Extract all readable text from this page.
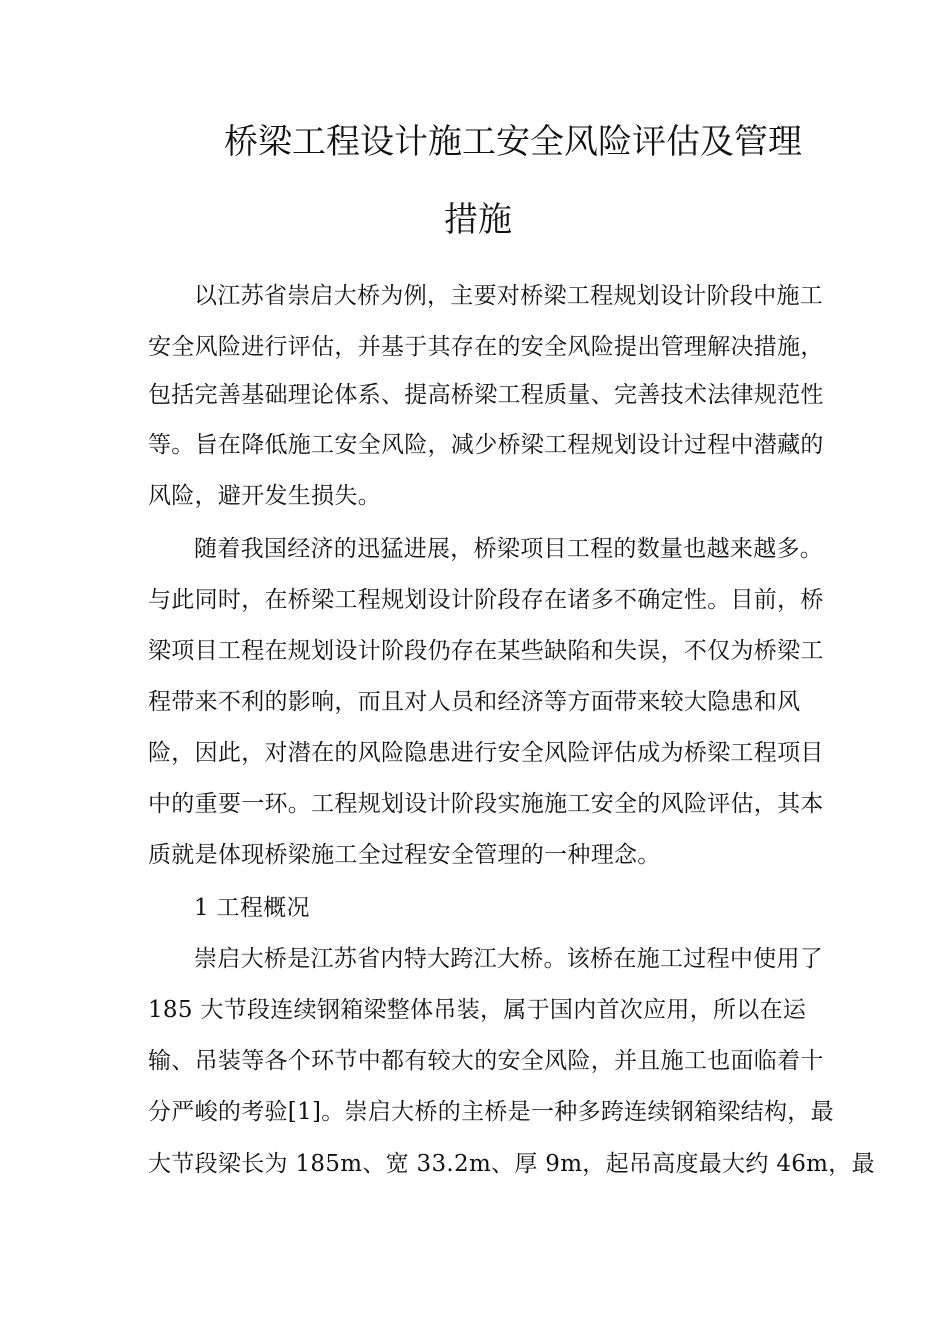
桥梁工程设计施工安全风险评估及管理
措施
以江苏省崇启大桥为例，主要对桥梁工程规划设计阶段中施工
安全风险进行评估，并基于其存在的安全风险提出管理解决措施，
包括完善基础理论体系、提高桥梁工程质量、完善技术法律规范性
等。旨在降低施工安全风险，减少桥梁工程规划设计过程中潜藏的
风险，避开发生损失。
随着我国经济的迅猛进展，桥梁项目工程的数量也越来越多。
与此同时，在桥梁工程规划设计阶段存在诸多不确定性。目前，桥
梁项目工程在规划设计阶段仍存在某些缺陷和失误，不仅为桥梁工
程带来不利的影响，而且对人员和经济等方面带来较大隐患和风
险，因此，对潜在的风险隐患进行安全风险评估成为桥梁工程项目
中的重要一环。工程规划设计阶段实施施工安全的风险评估，其本
质就是体现桥梁施工全过程安全管理的一种理念。
1 工程概况
崇启大桥是江苏省内特大跨江大桥。该桥在施工过程中使用了
185 大节段连续钢箱梁整体吊装，属于国内首次应用，所以在运
输、吊装等各个环节中都有较大的安全风险，并且施工也面临着十
分严峻的考验[1]。崇启大桥的主桥是一种多跨连续钢箱梁结构，最
大节段梁长为 185m、宽 33.2m、厚 9m，起吊高度最大约 46m，最
